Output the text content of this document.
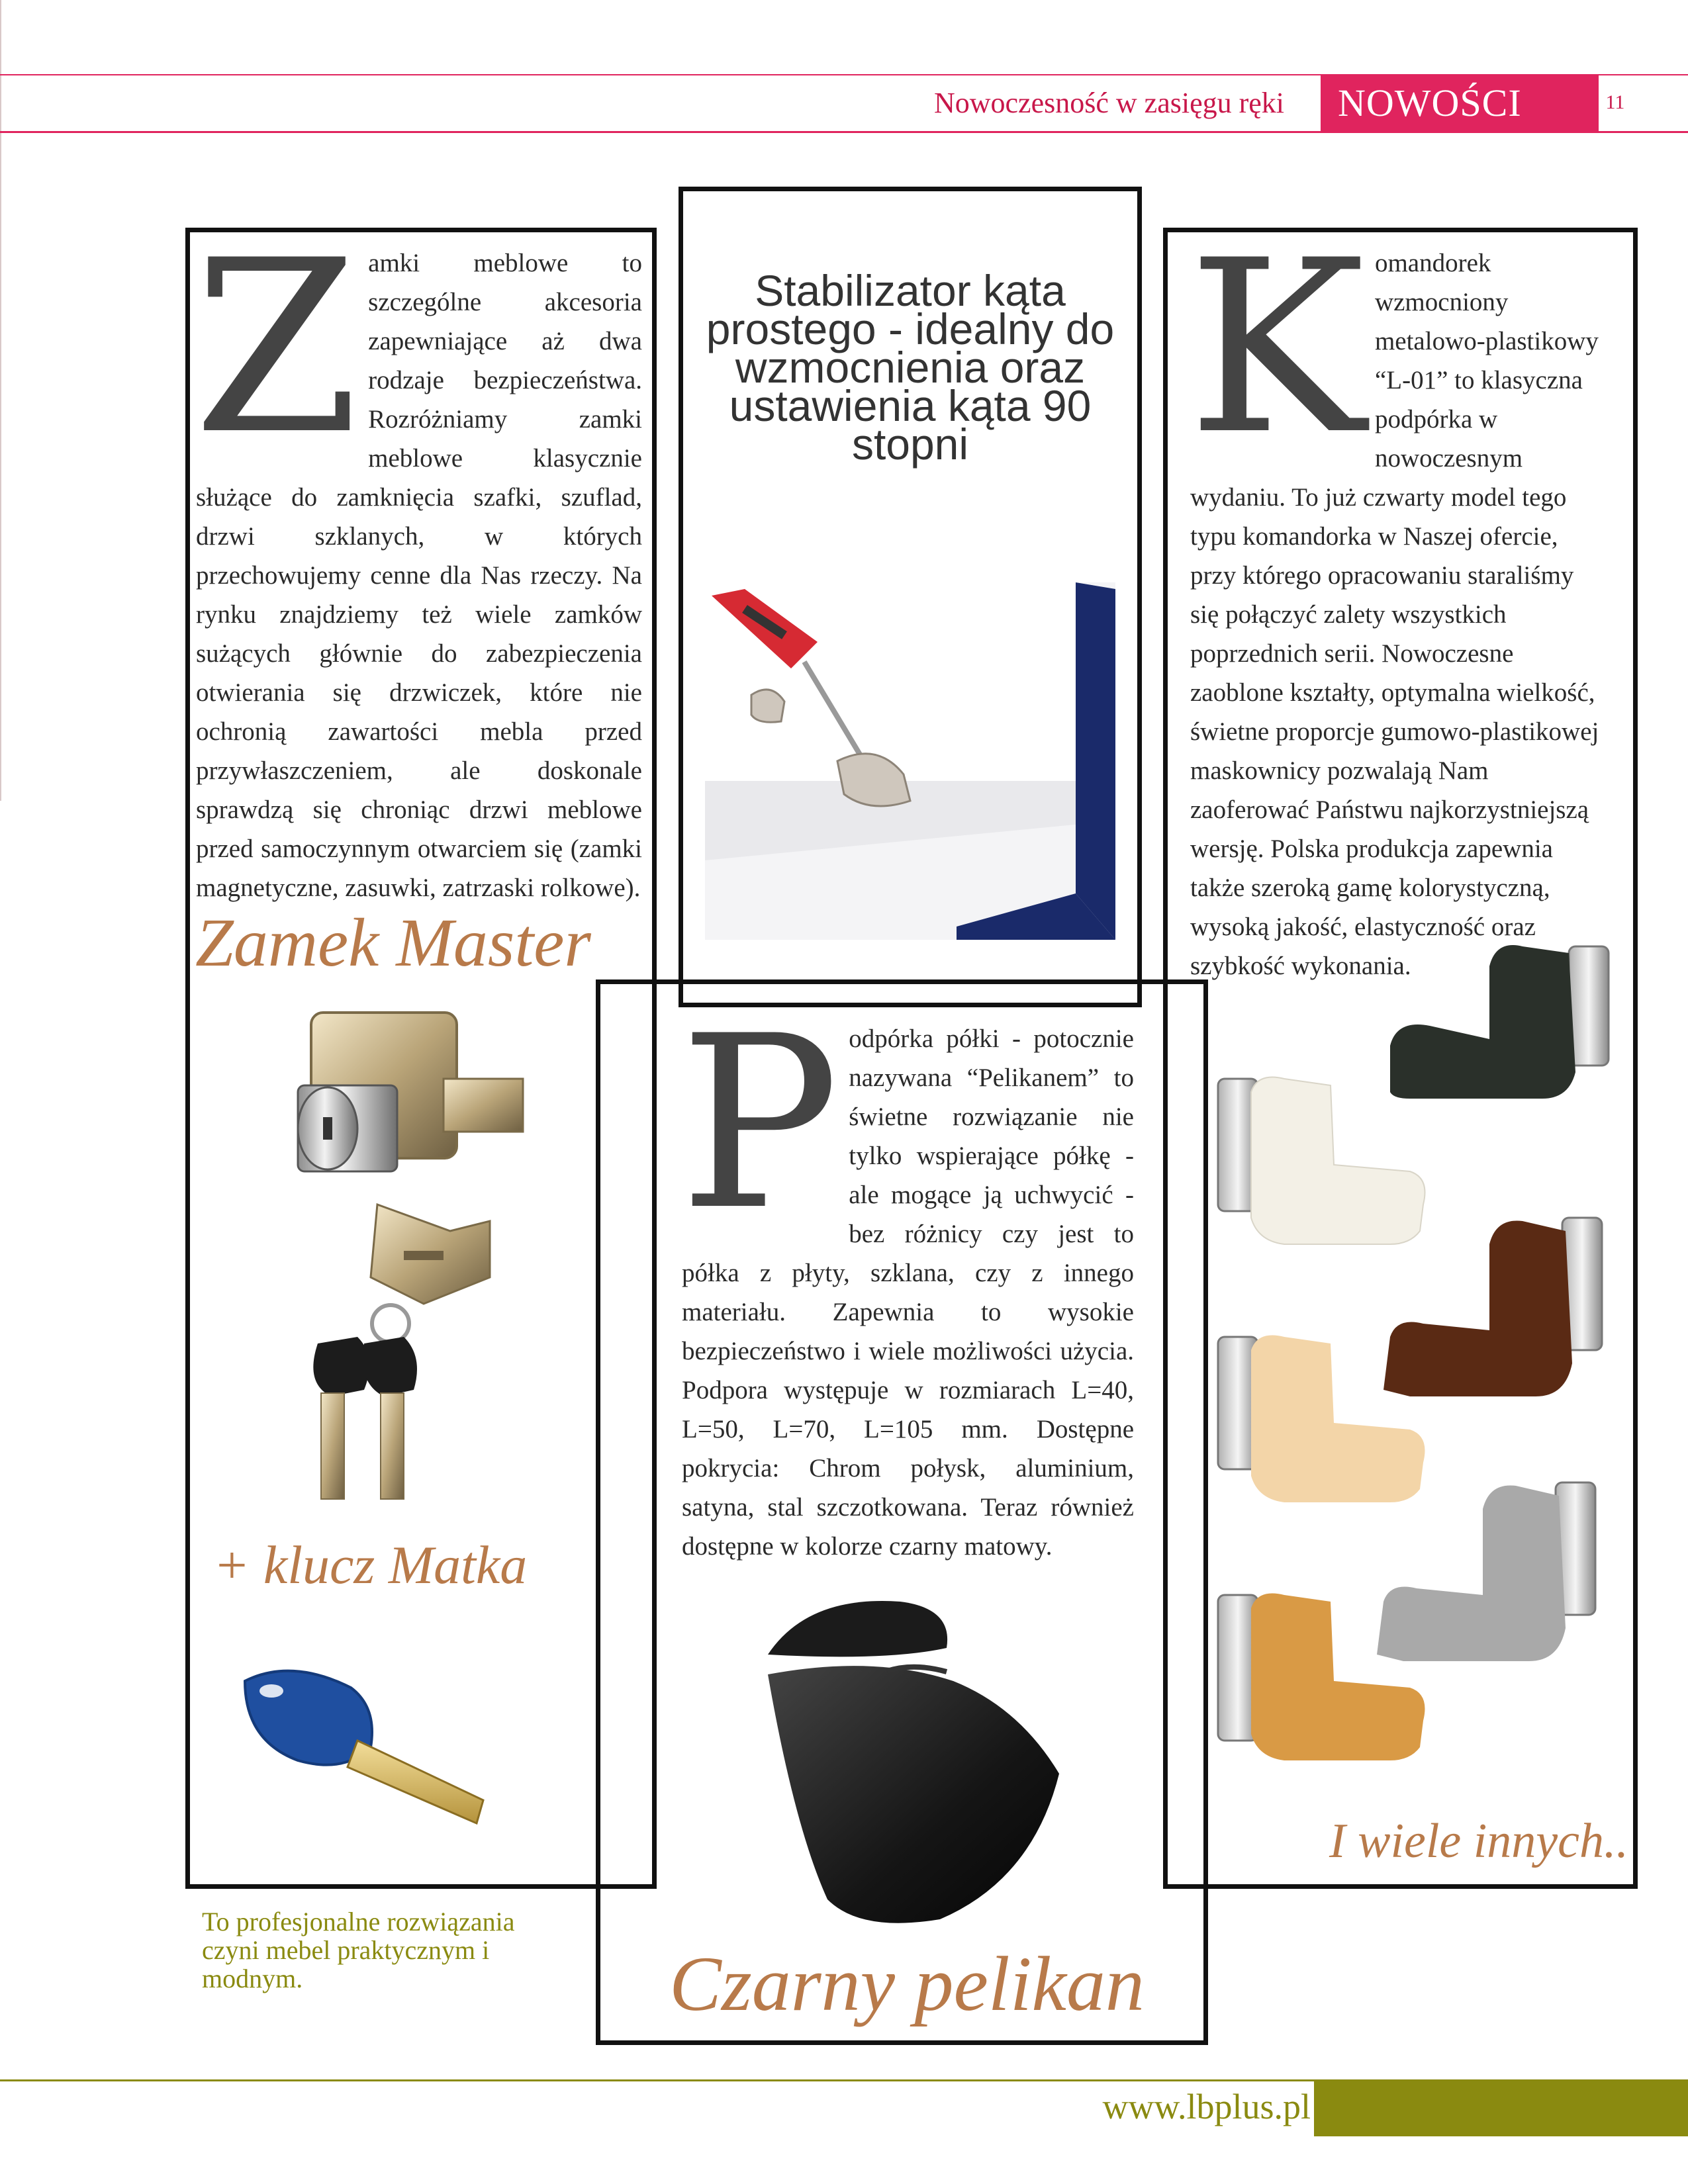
Nowoczesność w zasięgu ręki	NOWOŚCI	11
Z amki meblowe to szczególne akcesoria zapewniające aż dwa rodzaje bezpieczeństwa. Rozróżniamy zamki meblowe klasycznie służące do zamknięcia szafki, szuflad, drzwi szklanych, w których przechowujemy cenne dla Nas rzeczy. Na rynku znajdziemy też wiele zamków sużących głównie do zabezpieczenia otwierania się drzwiczek, które nie ochronią zawartości mebla przed przywłaszczeniem, ale doskonale sprawdzą się chroniąc drzwi meblowe przed samoczynnym otwarciem się (zamki magnetyczne, zasuwki, zatrzaski rolkowe).
Zamek Master
+ klucz Matka
To profesjonalne rozwiązania czyni mebel praktycznym i modnym.
Stabilizator kąta prostego - idealny do wzmocnienia oraz ustawienia kąta 90 stopni
P odpórka półki - potocznie nazywana “Pelikanem” to świetne rozwiązanie nie tylko wspierające półkę - ale mogące ją uchwycić - bez różnicy czy jest to półka z płyty, szklana, czy z innego materiału. Zapewnia to wysokie bezpieczeństwo i wiele możliwości użycia. Podpora występuje w rozmiarach L=40, L=50, L=70, L=105 mm. Dostępne pokrycia: Chrom połysk, aluminium, satyna, stal szczotkowana. Teraz również dostępne w kolorze czarny matowy.
Czarny pelikan
K omandorek wzmocniony metalowo-plastikowy “L-01” to klasyczna podpórka w nowoczesnym wydaniu. To już czwarty model tego typu komandorka w Naszej ofercie, przy którego opracowaniu staraliśmy się połączyć zalety wszystkich poprzednich serii. Nowoczesne zaoblone kształty, optymalna wielkość, świetne proporcje gumowo-plastikowej maskownicy pozwalają Nam zaoferować Państwu najkorzystniejszą wersję. Polska produkcja zapewnia także szeroką gamę kolorystyczną, wysoką jakość, elastyczność oraz szybkość wykonania.
I wiele innych..
www.lbplus.pl
